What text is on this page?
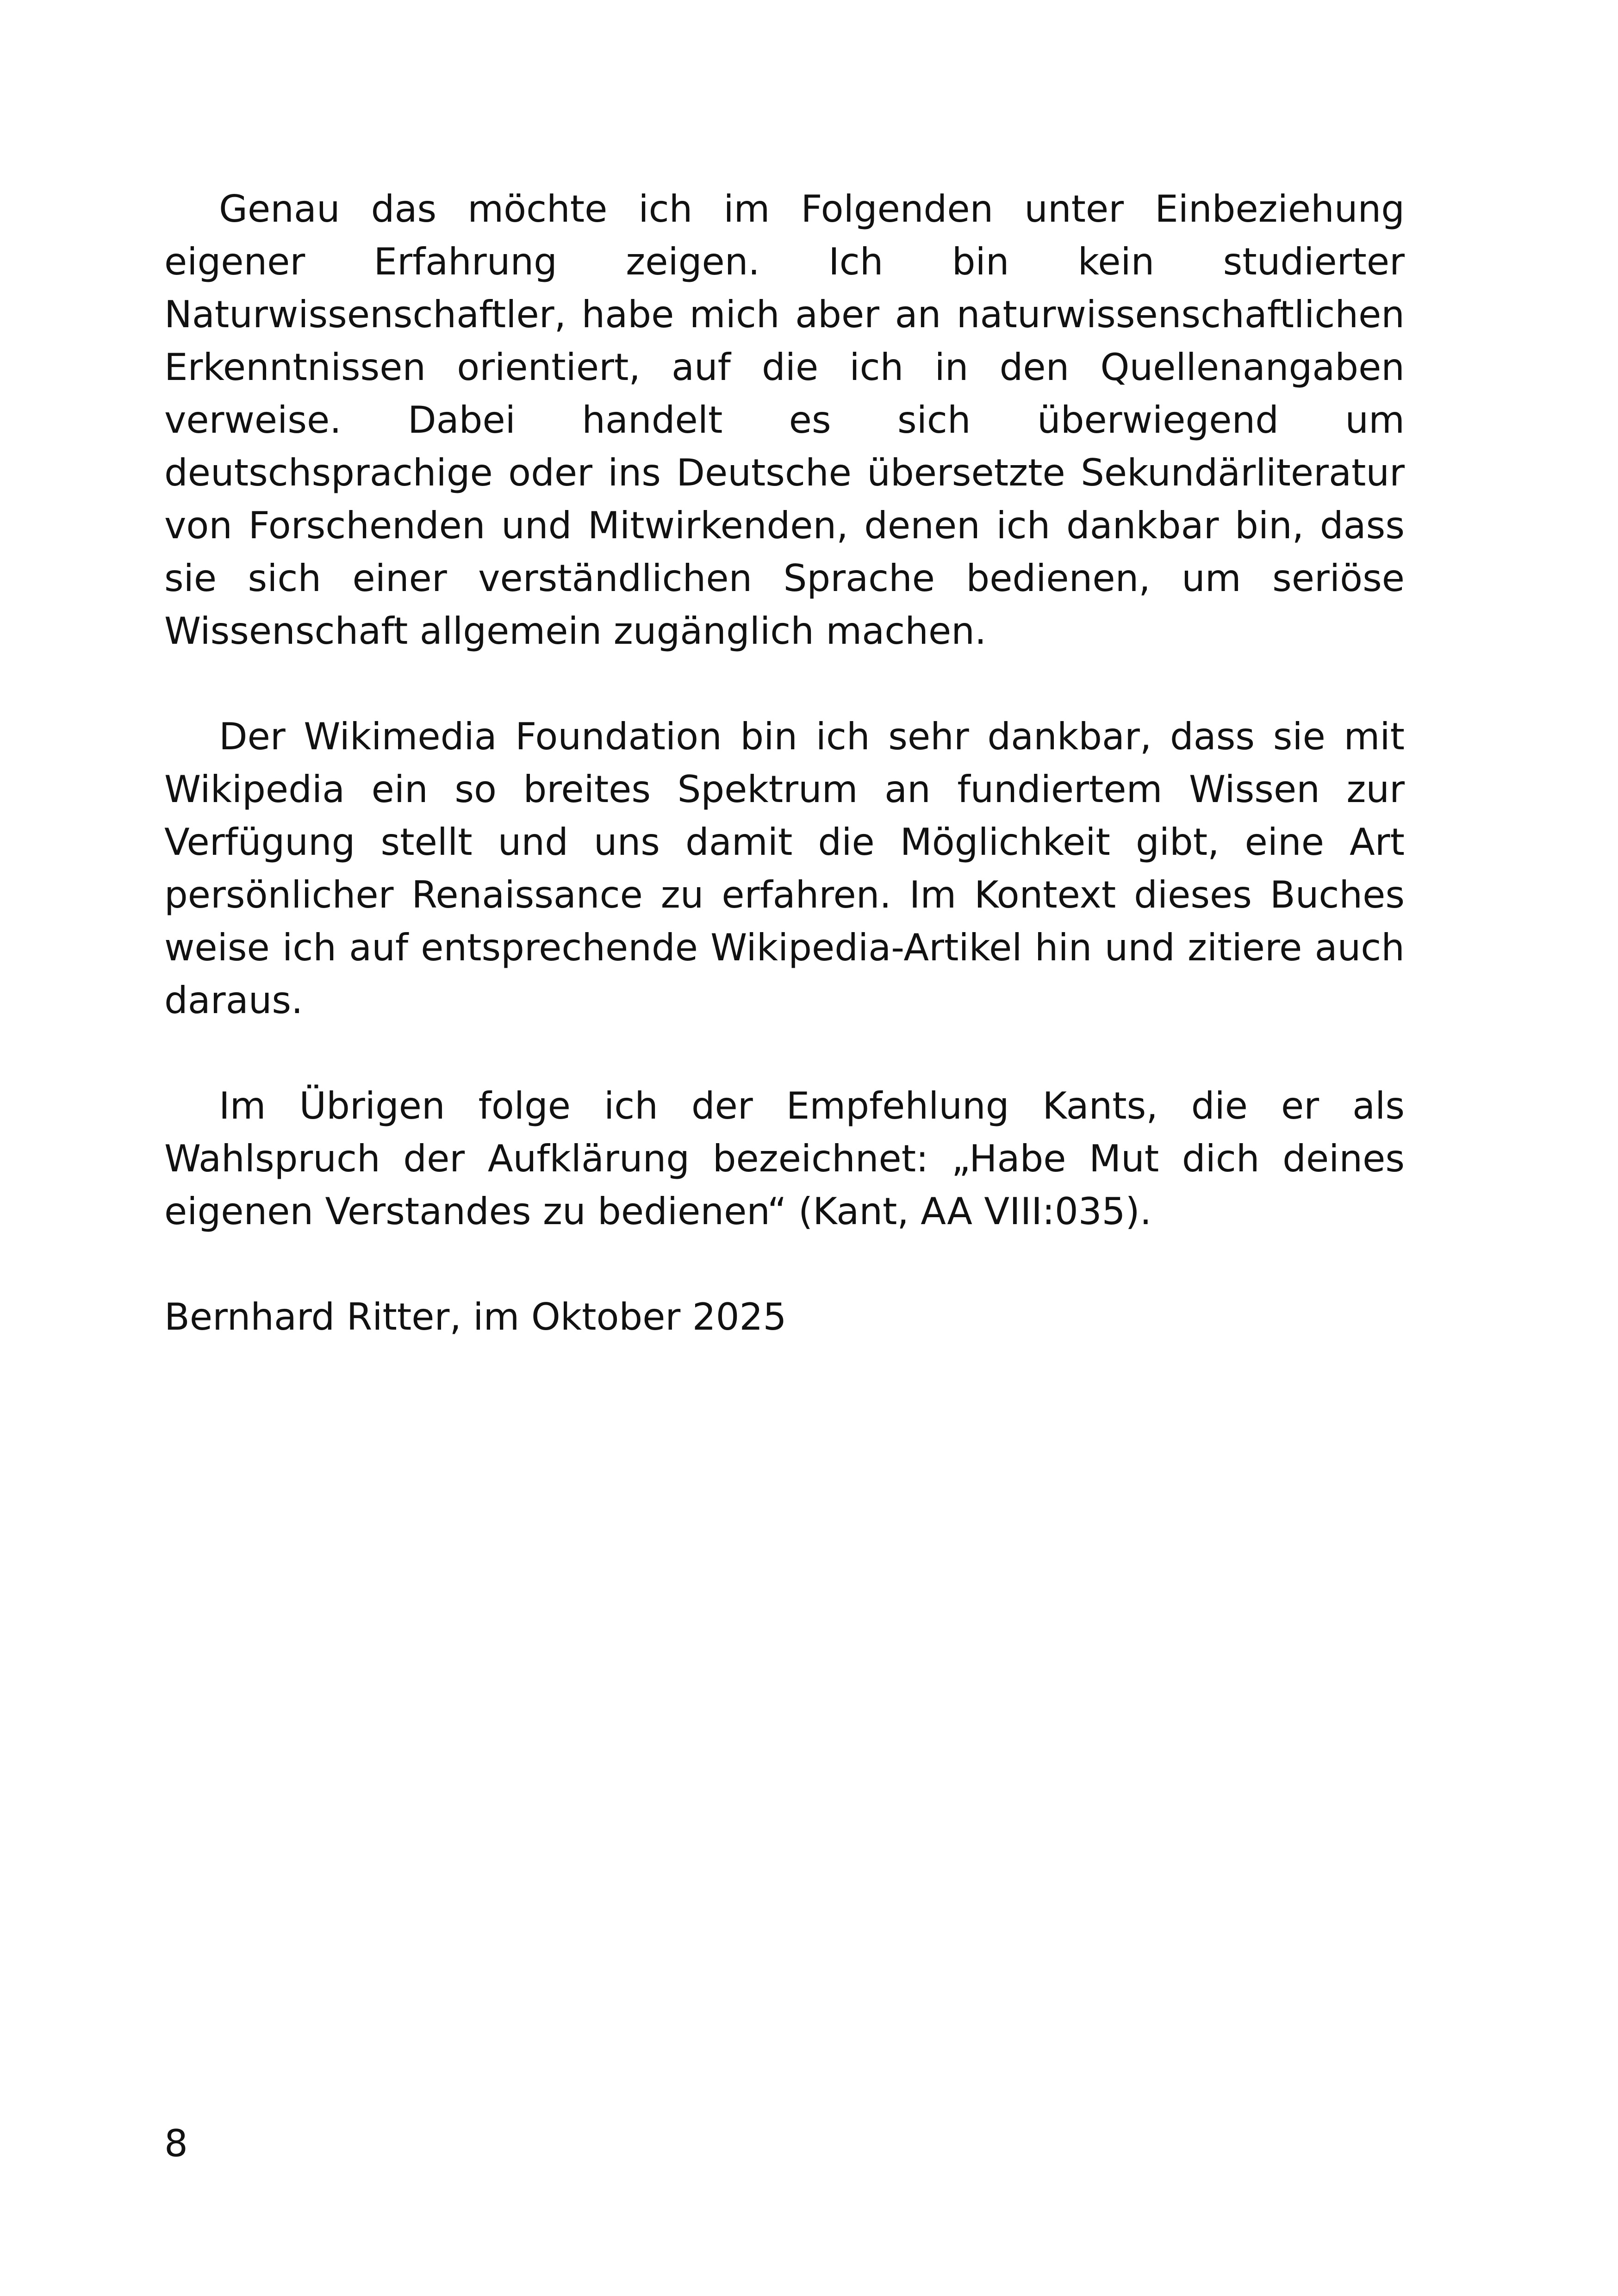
Genau das möchte ich im Folgenden unter Einbeziehung eigener Erfahrung zeigen. Ich bin kein studierter Naturwissenschaftler, habe mich aber an naturwissenschaftlichen Erkenntnissen orientiert, auf die ich in den Quellenangaben verweise. Dabei handelt es sich überwiegend um deutschsprachige oder ins Deutsche übersetzte Sekundärliteratur von Forschenden und Mitwirkenden, denen ich dankbar bin, dass sie sich einer verständlichen Sprache bedienen, um seriöse Wissenschaft allgemein zugänglich machen.

Der Wikimedia Foundation bin ich sehr dankbar, dass sie mit Wikipedia ein so breites Spektrum an fundiertem Wissen zur Verfügung stellt und uns damit die Möglichkeit gibt, eine Art persönlicher Renaissance zu erfahren. Im Kontext dieses Buches weise ich auf entsprechende Wikipedia-Artikel hin und zitiere auch daraus.

Im Übrigen folge ich der Empfehlung Kants, die er als Wahlspruch der Aufklärung bezeichnet: „Habe Mut dich deines eigenen Verstandes zu bedienen“ (Kant, AA VIII:035).

Bernhard Ritter, im Oktober 2025

8
